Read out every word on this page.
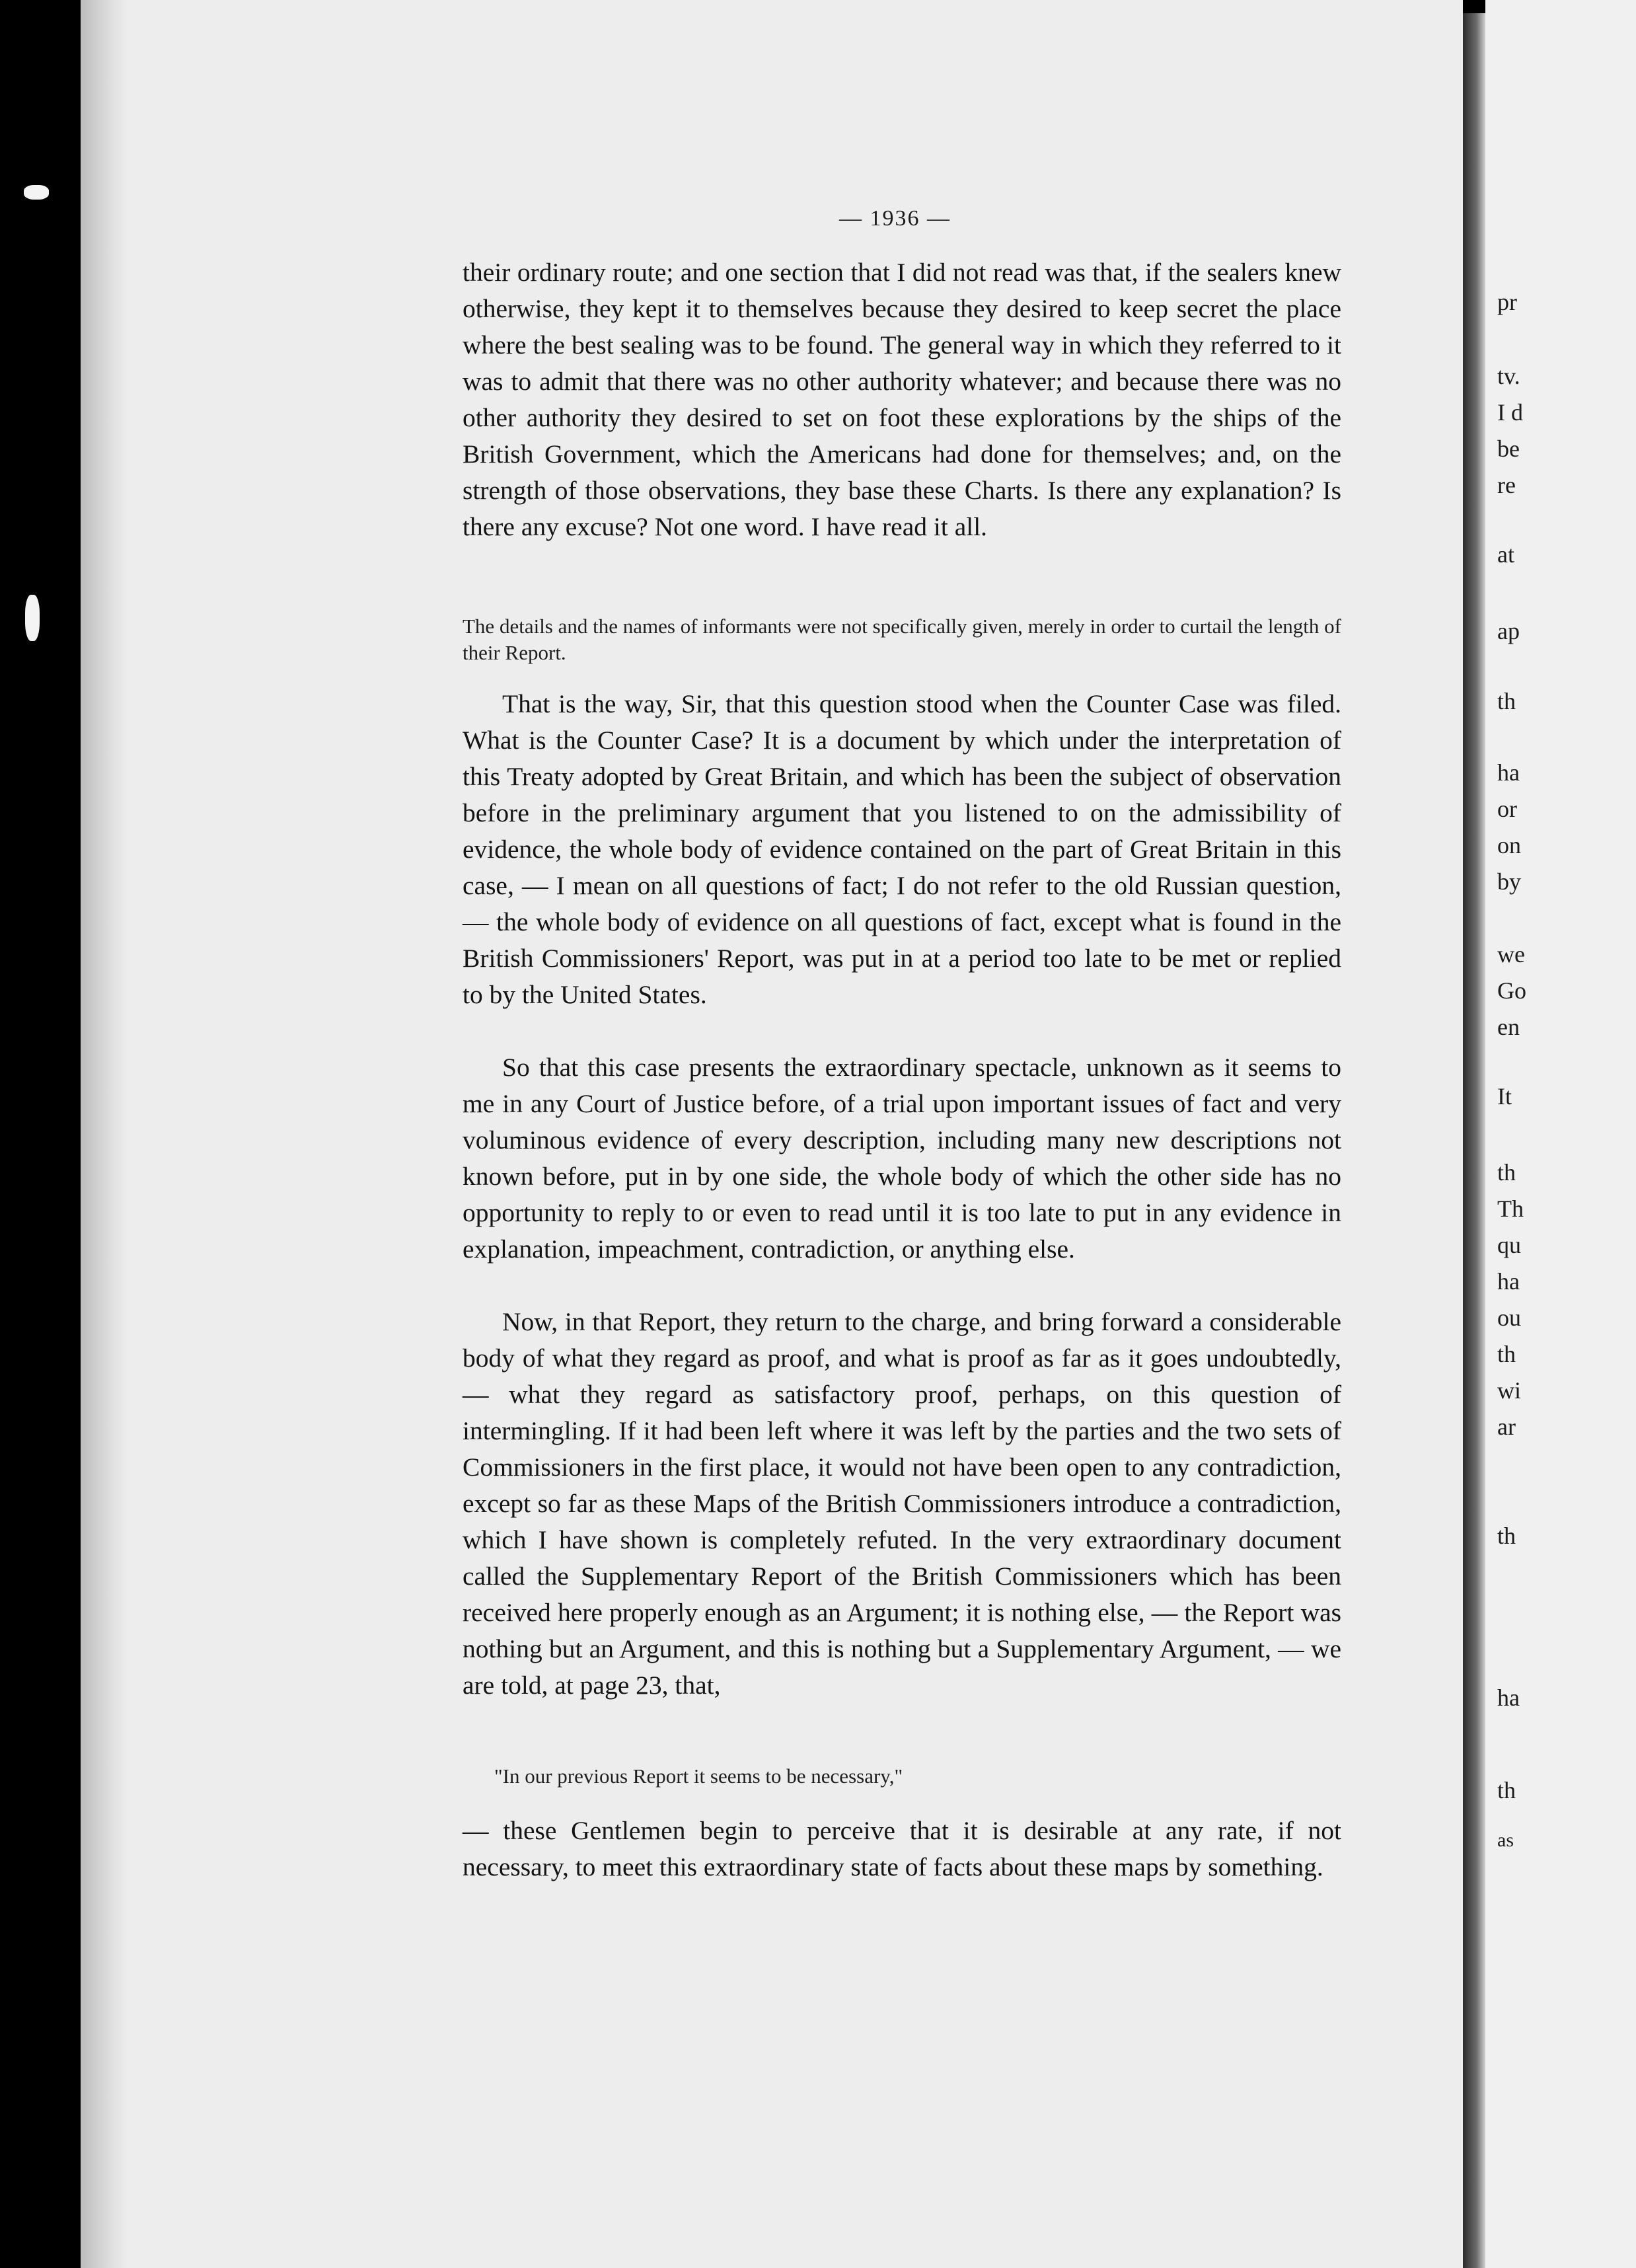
pr
tv.
I d
be
re
at
ap
th
ha
or
on
by
we
Go
en
It
th
Th
qu
ha
ou
th
wi
ar
th
ha
th
as
— 1936 —

their ordinary route; and one section that I did not read was that, if the sealers knew otherwise, they kept it to themselves because they desired to keep secret the place where the best sealing was to be found. The general way in which they referred to it was to admit that there was no other authority whatever; and because there was no other authority they desired to set on foot these explorations by the ships of the British Government, which the Americans had done for themselves; and, on the strength of those observations, they base these Charts. Is there any explanation? Is there any excuse? Not one word. I have read it all.

The details and the names of informants were not specifically given, merely in order to curtail the length of their Report.

That is the way, Sir, that this question stood when the Counter Case was filed. What is the Counter Case? It is a document by which under the interpretation of this Treaty adopted by Great Britain, and which has been the subject of observation before in the preliminary argument that you listened to on the admissibility of evidence, the whole body of evidence contained on the part of Great Britain in this case, — I mean on all questions of fact; I do not refer to the old Russian question, — the whole body of evidence on all questions of fact, except what is found in the British Commissioners' Report, was put in at a period too late to be met or replied to by the United States.

So that this case presents the extraordinary spectacle, unknown as it seems to me in any Court of Justice before, of a trial upon important issues of fact and very voluminous evidence of every description, including many new descriptions not known before, put in by one side, the whole body of which the other side has no opportunity to reply to or even to read until it is too late to put in any evidence in explanation, impeachment, contradiction, or anything else.

Now, in that Report, they return to the charge, and bring forward a considerable body of what they regard as proof, and what is proof as far as it goes undoubtedly, — what they regard as satisfactory proof, perhaps, on this question of intermingling. If it had been left where it was left by the parties and the two sets of Commissioners in the first place, it would not have been open to any contradiction, except so far as these Maps of the British Commissioners introduce a contradiction, which I have shown is completely refuted. In the very extraordinary document called the Supplementary Report of the British Commissioners which has been received here properly enough as an Argument; it is nothing else, — the Report was nothing but an Argument, and this is nothing but a Supplementary Argument, — we are told, at page 23, that,

"In our previous Report it seems to be necessary,"

— these Gentlemen begin to perceive that it is desirable at any rate, if not necessary, to meet this extraordinary state of facts about these maps by something.
